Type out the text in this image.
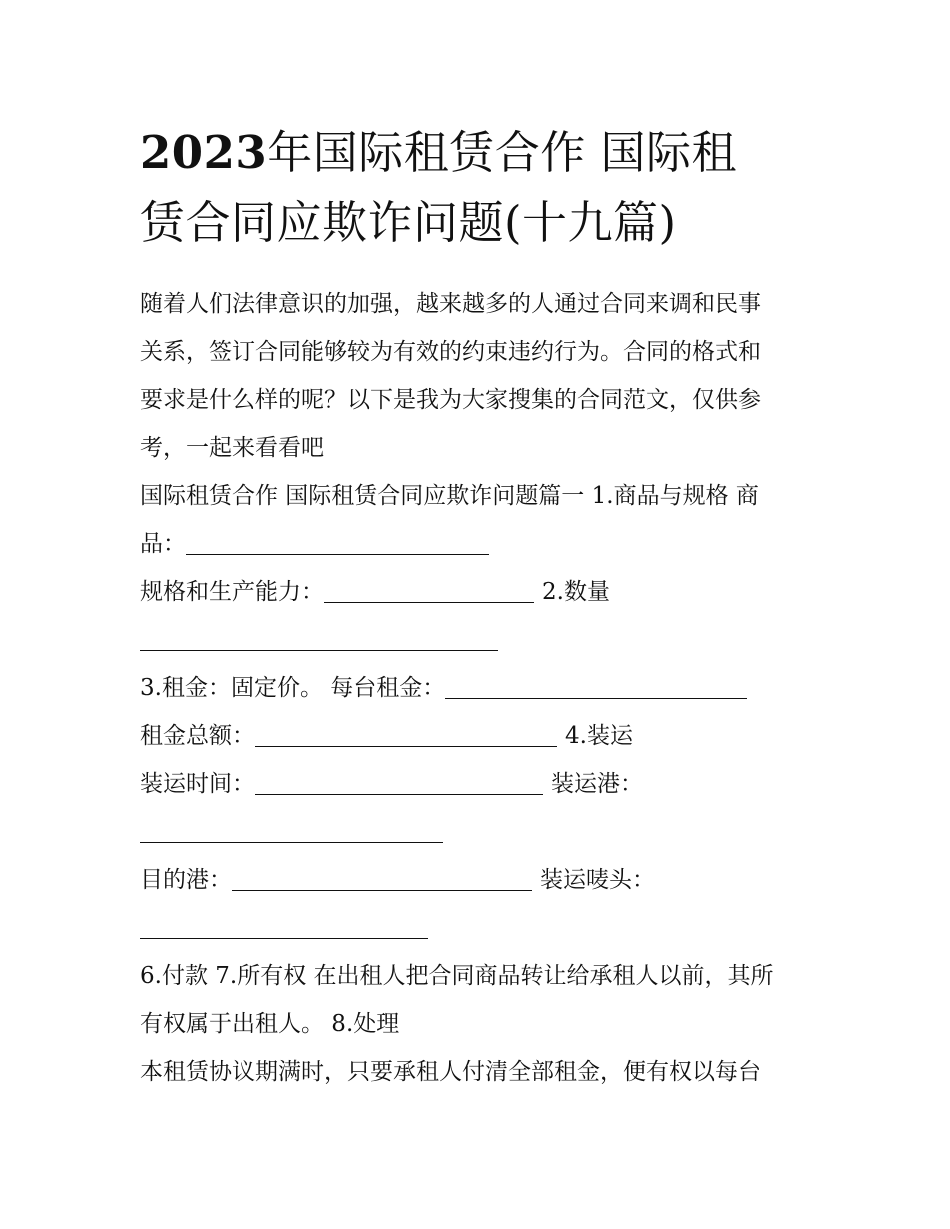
2023年国际租赁合作 国际租
赁合同应欺诈问题(十九篇)
随着人们法律意识的加强，越来越多的人通过合同来调和民事
关系，签订合同能够较为有效的约束违约行为。合同的格式和
要求是什么样的呢？以下是我为大家搜集的合同范文，仅供参
考，一起来看看吧
国际租赁合作 国际租赁合同应欺诈问题篇一 1.商品与规格 商
品：
规格和生产能力：	2.数量
3.租金：固定价。 每台租金：
租金总额：	4.装运
装运时间：	装运港：
目的港：	装运唛头：
6.付款 7.所有权 在出租人把合同商品转让给承租人以前，其所
有权属于出租人。 8.处理
本租赁协议期满时，只要承租人付清全部租金，便有权以每台
